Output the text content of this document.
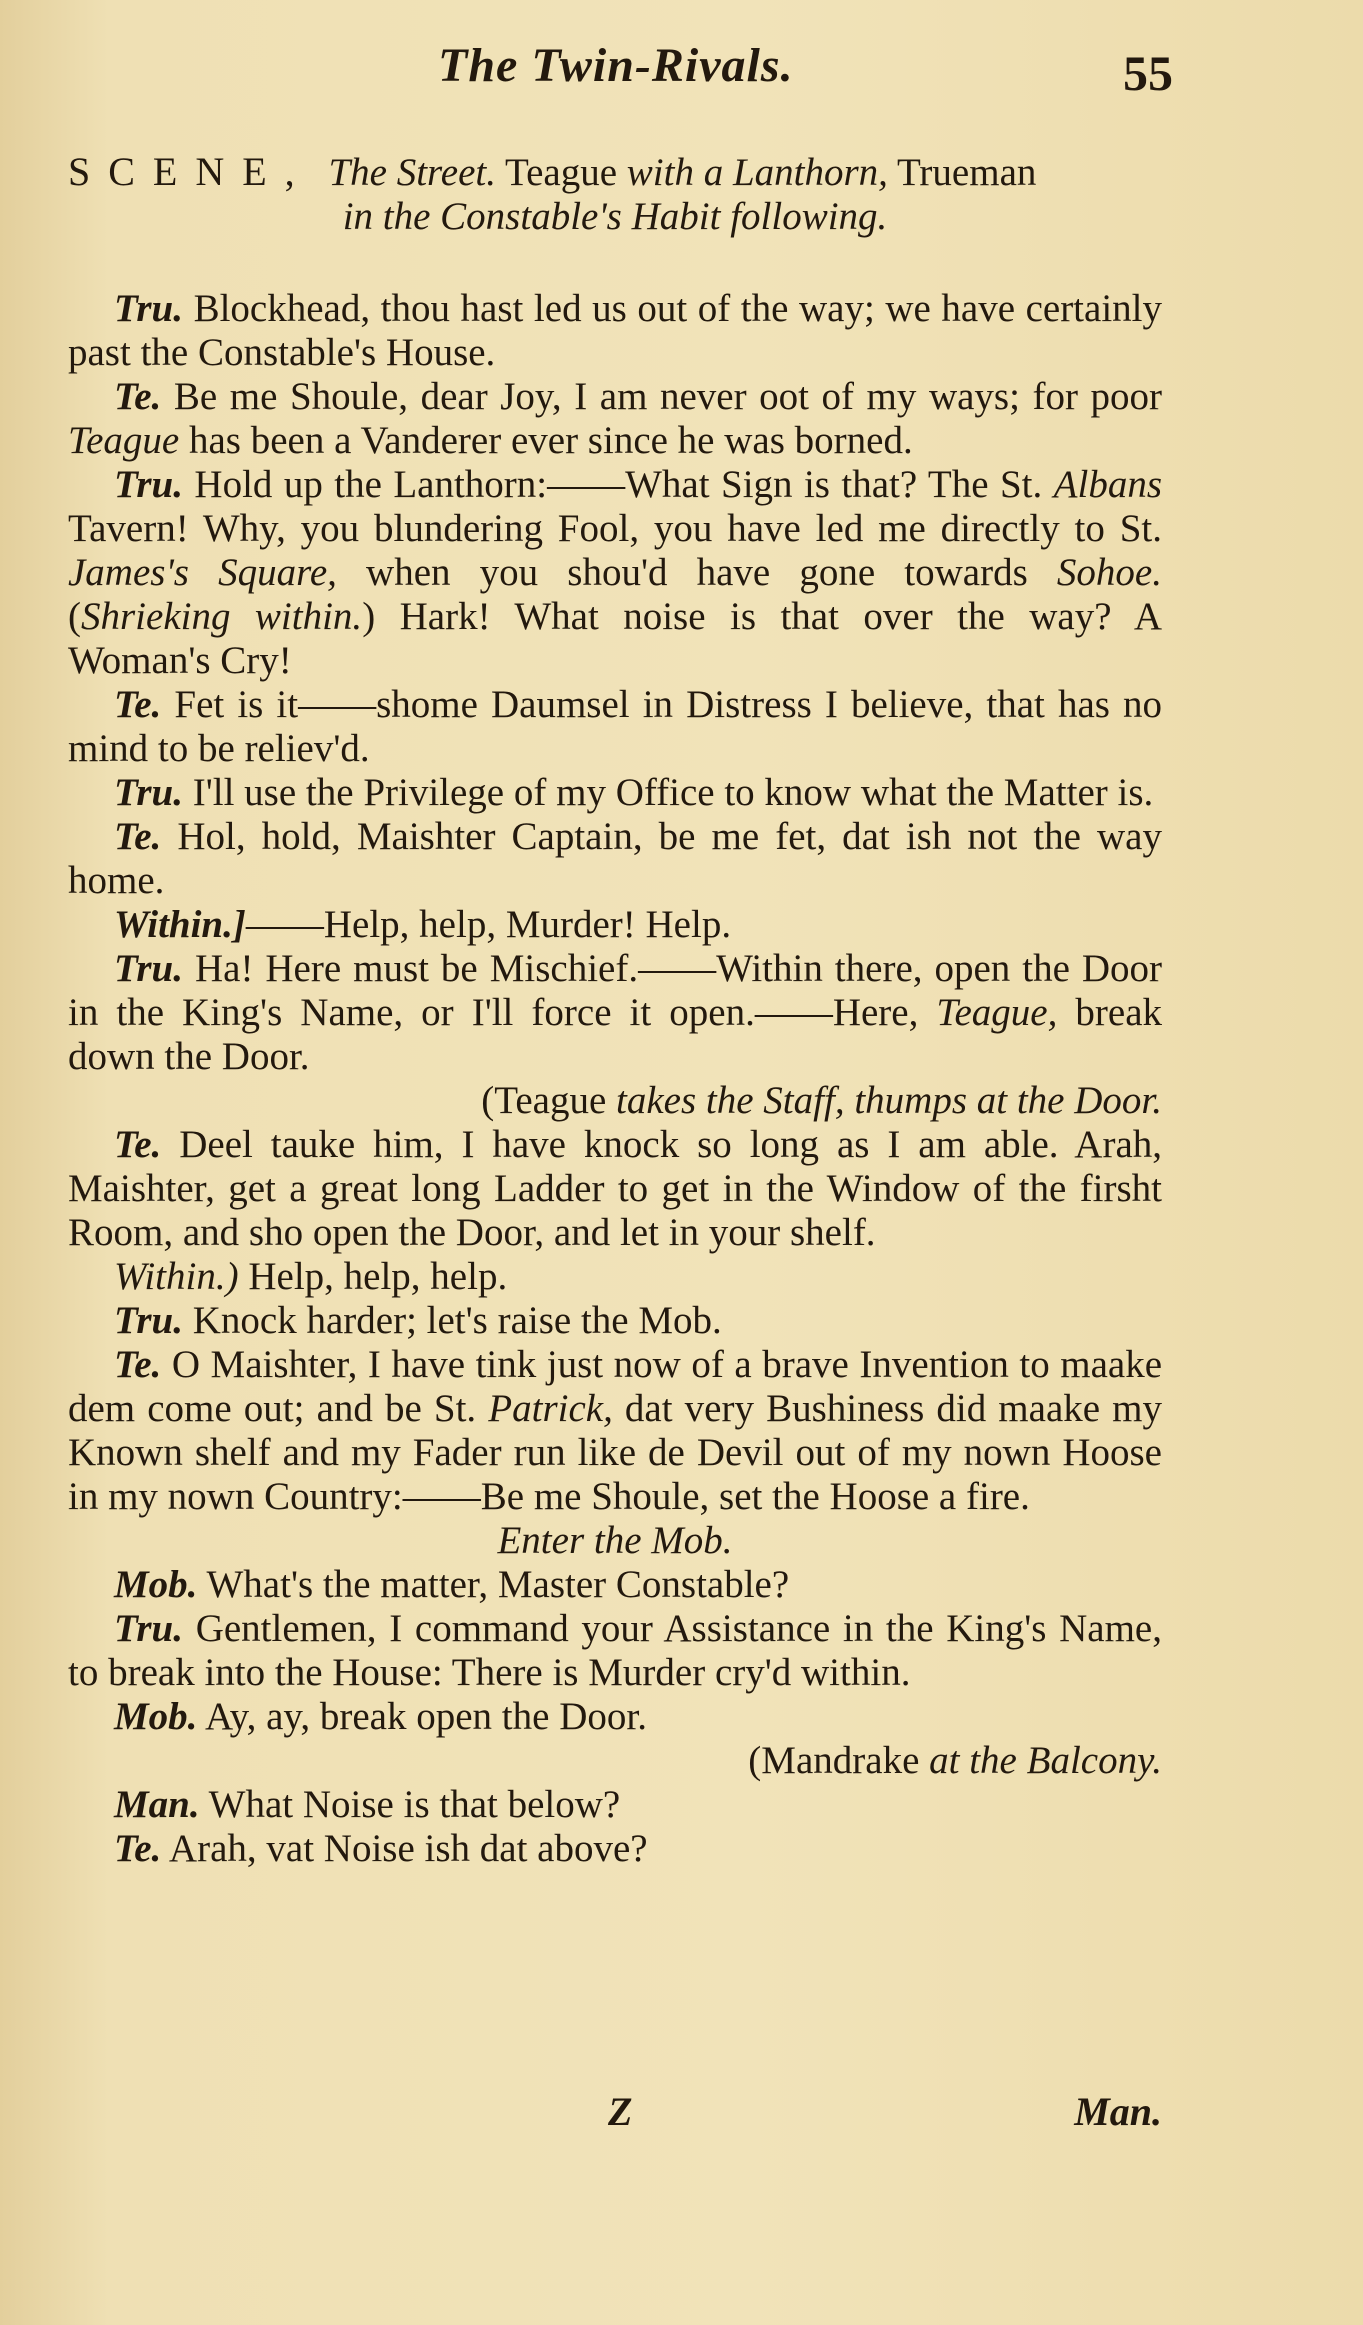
The Twin-Rivals.	55
SCENE, The Street. Teague with a Lanthorn, Trueman
in the Constable's Habit following.

Tru. Blockhead, thou hast led us out of the way; we have certainly past the Constable's House.

Te. Be me Shoule, dear Joy, I am never oot of my ways; for poor Teague has been a Vanderer ever since he was borned.

Tru. Hold up the Lanthorn:——What Sign is that? The St. Albans Tavern! Why, you blundering Fool, you have led me directly to St. James's Square, when you shou'd have gone towards Sohoe. (Shrieking within.) Hark! What noise is that over the way? A Woman's Cry!

Te. Fet is it——shome Daumsel in Distress I believe, that has no mind to be reliev'd.

Tru. I'll use the Privilege of my Office to know what the Matter is.

Te. Hol, hold, Maishter Captain, be me fet, dat ish not the way home.

Within.]——Help, help, Murder! Help.

Tru. Ha! Here must be Mischief.——Within there, open the Door in the King's Name, or I'll force it open.——Here, Teague, break down the Door.

(Teague takes the Staff, thumps at the Door.

Te. Deel tauke him, I have knock so long as I am able. Arah, Maishter, get a great long Ladder to get in the Window of the firsht Room, and sho open the Door, and let in your shelf.

Within.) Help, help, help.

Tru. Knock harder; let's raise the Mob.

Te. O Maishter, I have tink just now of a brave Invention to maake dem come out; and be St. Patrick, dat very Bushiness did maake my Known shelf and my Fader run like de Devil out of my nown Hoose in my nown Country:——Be me Shoule, set the Hoose a fire.

Enter the Mob.

Mob. What's the matter, Master Constable?

Tru. Gentlemen, I command your Assistance in the King's Name, to break into the House: There is Murder cry'd within.

Mob. Ay, ay, break open the Door.

(Mandrake at the Balcony.

Man. What Noise is that below?

Te. Arah, vat Noise ish dat above?

Z	Man.
